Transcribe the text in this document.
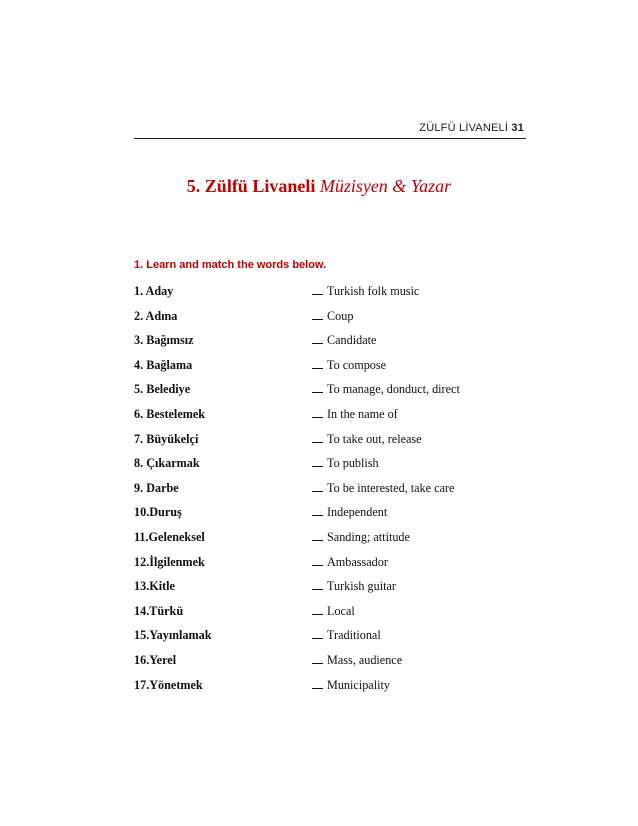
ZÜLFÜ LİVANELİ 31
5. Zülfü Livaneli Müzisyen & Yazar
1. Learn and match the words below.
1. Aday	Turkish folk music
2. Adına	Coup
3. Bağımsız	Candidate
4. Bağlama	To compose
5. Belediye	To manage, donduct, direct
6. Bestelemek	In the name of
7. Büyükelçi	To take out, release
8. Çıkarmak	To publish
9. Darbe	To be interested, take care
10.Duruş	Independent
11.Geleneksel	Sanding; attitude
12.İlgilenmek	Ambassador
13.Kitle	Turkish guitar
14.Türkü	Local
15.Yayınlamak	Traditional
16.Yerel	Mass, audience
17.Yönetmek	Municipality
